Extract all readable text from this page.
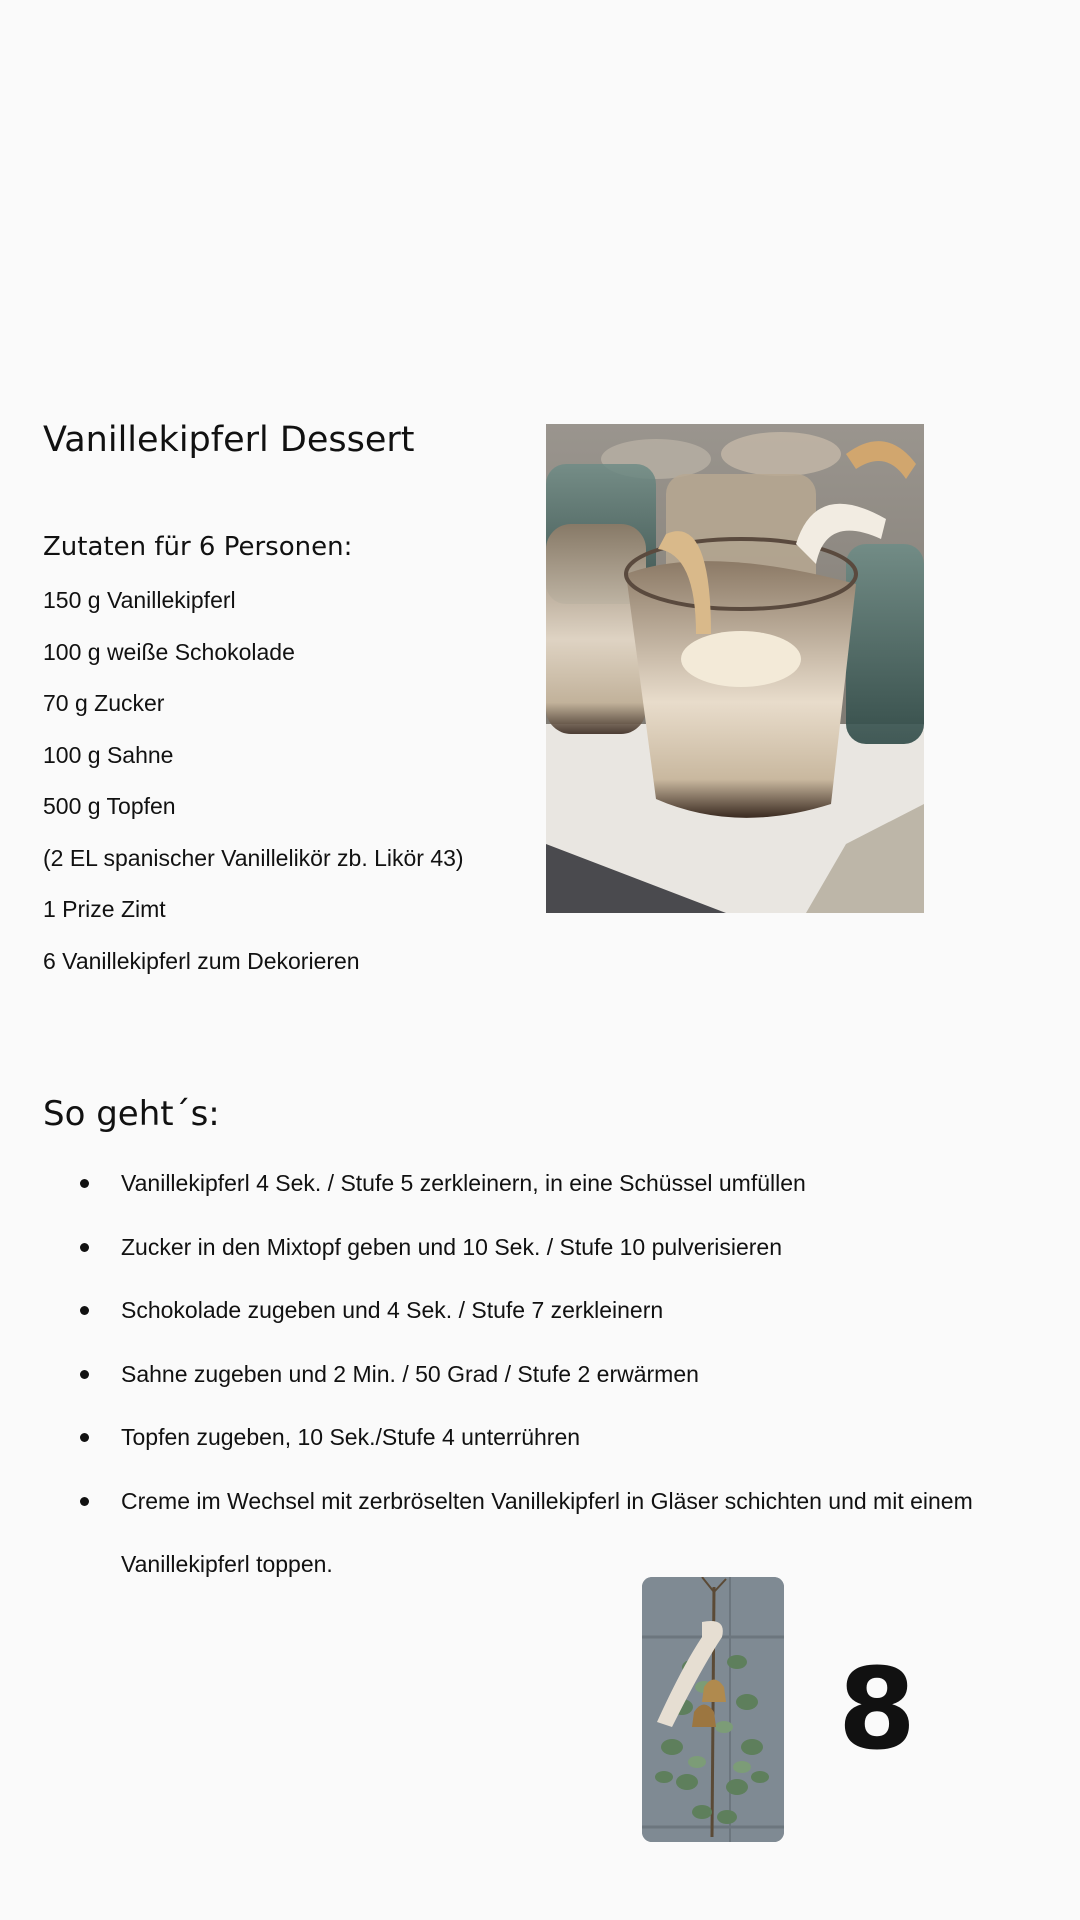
Vanillekipferl Dessert
Zutaten für 6 Personen:
150 g Vanillekipferl
100 g weiße Schokolade
70 g Zucker
100 g Sahne
500 g Topfen
(2 EL spanischer Vanillelikör zb. Likör 43)
1 Prize Zimt
6 Vanillekipferl zum Dekorieren
So geht´s:
Vanillekipferl 4 Sek. / Stufe 5 zerkleinern, in eine Schüssel umfüllen
Zucker in den Mixtopf geben und 10 Sek. / Stufe 10 pulverisieren
Schokolade zugeben und 4 Sek. / Stufe 7 zerkleinern
Sahne zugeben und 2 Min. / 50 Grad / Stufe 2 erwärmen
Topfen zugeben, 10 Sek./Stufe 4 unterrühren
Creme im Wechsel mit zerbröselten Vanillekipferl in Gläser schichten und mit einem Vanillekipferl toppen.
8
